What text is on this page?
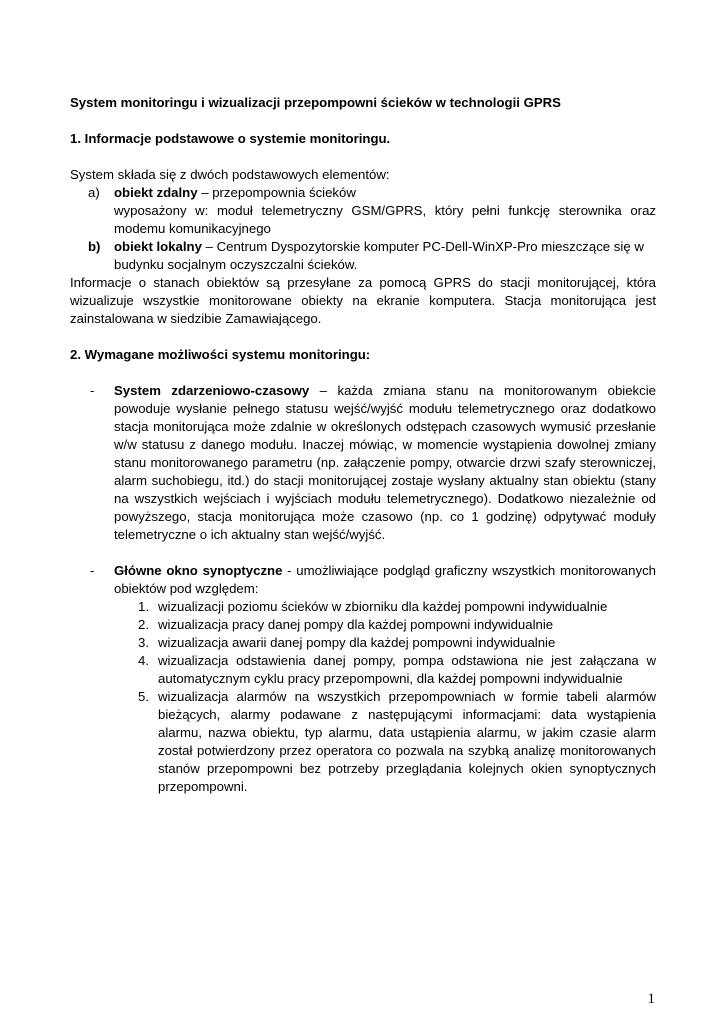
System monitoringu i wizualizacji przepompowni ścieków w technologii GPRS

1. Informacje podstawowe o systemie monitoringu.

System składa się z dwóch podstawowych elementów:

a)	obiekt zdalny – przepompownia ścieków

wyposażony w: moduł telemetryczny GSM/GPRS, który pełni funkcję sterownika oraz modemu komunikacyjnego

b)	obiekt lokalny – Centrum Dyspozytorskie komputer PC-Dell-WinXP-Pro mieszczące się w budynku socjalnym oczyszczalni ścieków.

Informacje o stanach obiektów są przesyłane za pomocą GPRS do stacji monitorującej, która wizualizuje wszystkie monitorowane obiekty na ekranie komputera. Stacja monitorująca jest zainstalowana w siedzibie Zamawiającego.

2. Wymagane możliwości systemu monitoringu:

-	System zdarzeniowo-czasowy – każda zmiana stanu na monitorowanym obiekcie powoduje wysłanie pełnego statusu wejść/wyjść modułu telemetrycznego oraz dodatkowo stacja monitorująca może zdalnie w określonych odstępach czasowych wymusić przesłanie w/w statusu z danego modułu. Inaczej mówiąc, w momencie wystąpienia dowolnej zmiany stanu monitorowanego parametru (np. załączenie pompy, otwarcie drzwi szafy sterowniczej, alarm suchobiegu, itd.) do stacji monitorującej zostaje wysłany aktualny stan obiektu (stany na wszystkich wejściach i wyjściach modułu telemetrycznego). Dodatkowo niezależnie od powyższego, stacja monitorująca może czasowo (np. co 1 godzinę) odpytywać moduły telemetryczne o ich aktualny stan wejść/wyjść.

-	Główne okno synoptyczne - umożliwiające podgląd graficzny wszystkich monitorowanych obiektów pod względem:

1. wizualizacji poziomu ścieków w zbiorniku dla każdej pompowni indywidualnie

2. wizualizacja pracy danej pompy dla każdej pompowni indywidualnie

3. wizualizacja awarii danej pompy dla każdej pompowni indywidualnie

4. wizualizacja odstawienia danej pompy, pompa odstawiona nie jest załączana w automatycznym cyklu pracy przepompowni, dla każdej pompowni indywidualnie

5. wizualizacja alarmów na wszystkich przepompowniach w formie tabeli alarmów bieżących, alarmy podawane z następującymi informacjami: data wystąpienia alarmu, nazwa obiektu, typ alarmu, data ustąpienia alarmu, w jakim czasie alarm został potwierdzony przez operatora co pozwala na szybką analizę monitorowanych stanów przepompowni bez potrzeby przeglądania kolejnych okien synoptycznych przepompowni.

1
